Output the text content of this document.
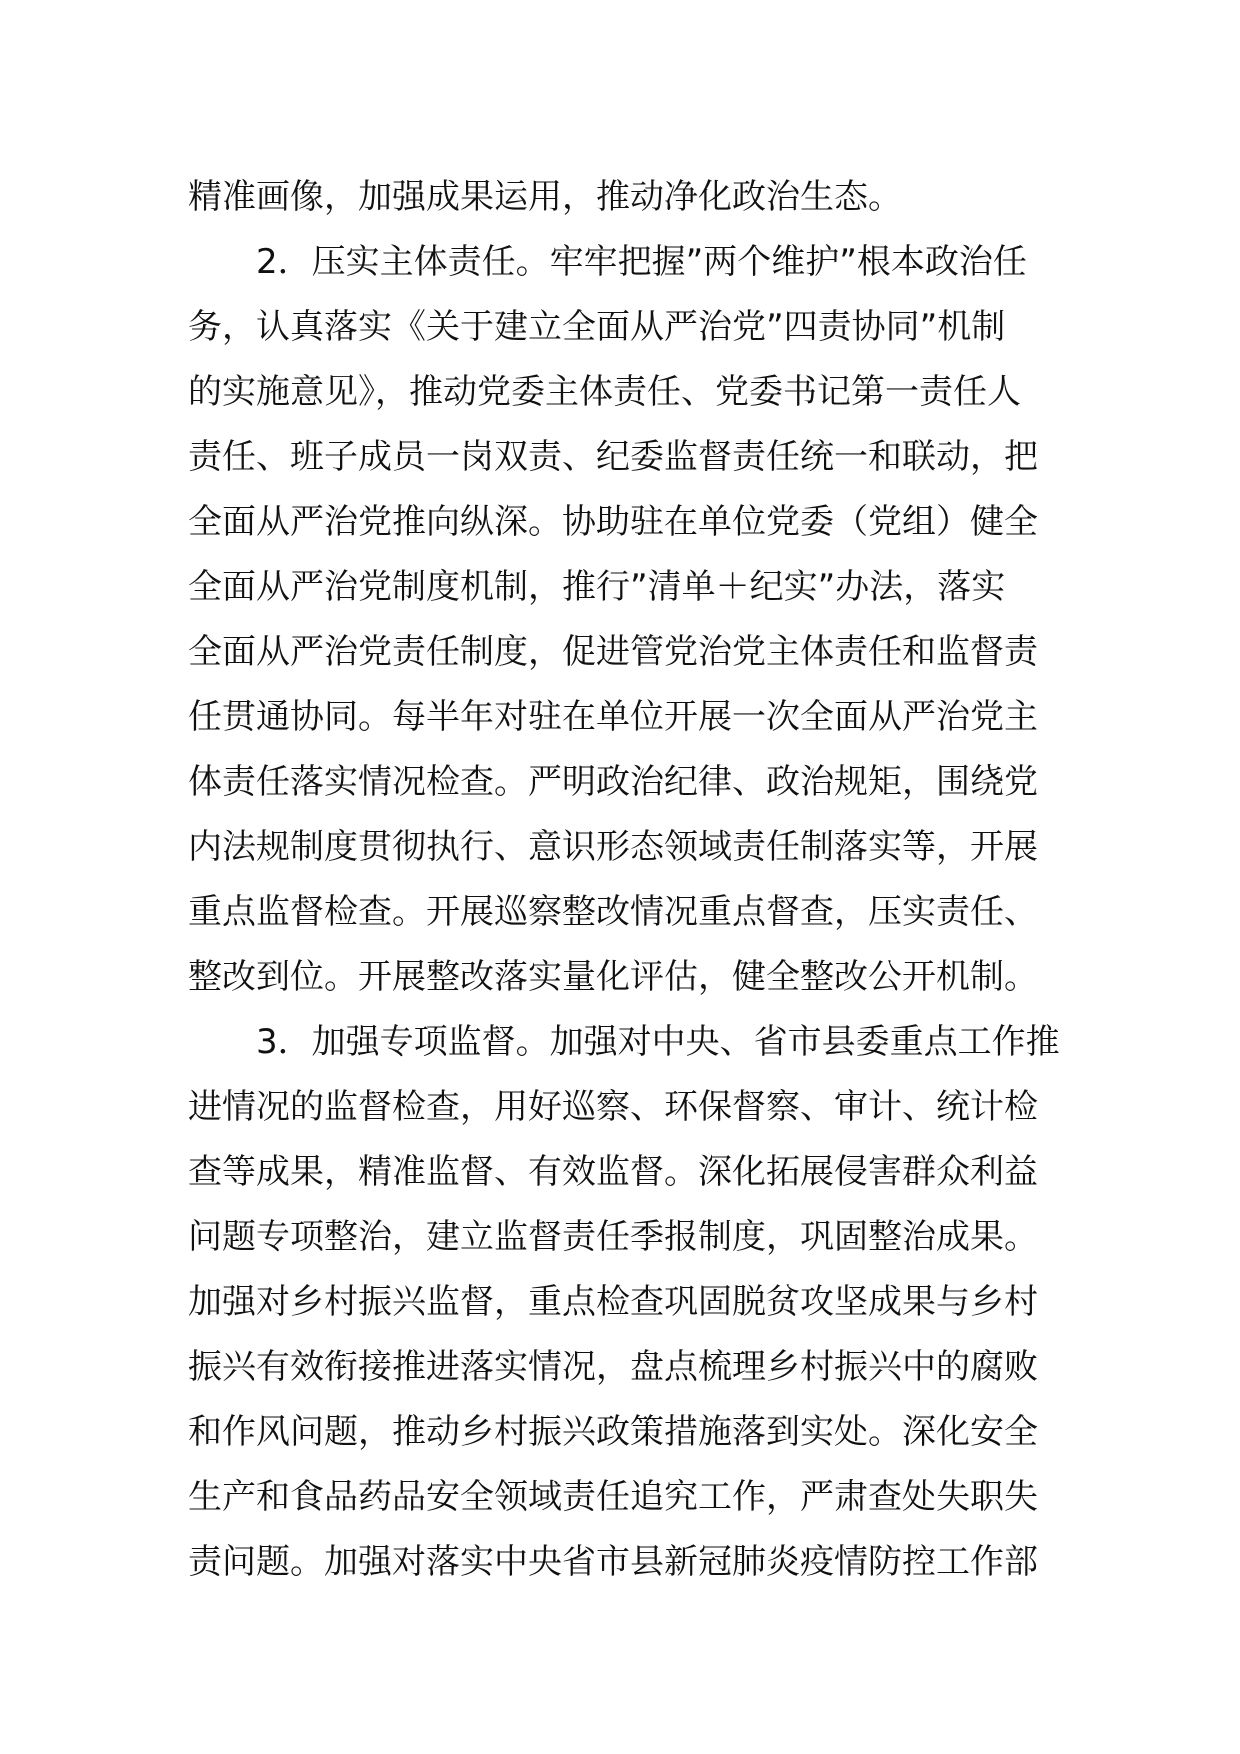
精准画像，加强成果运用，推动净化政治生态。
2．压实主体责任。牢牢把握”两个维护”根本政治任
务，认真落实《关于建立全面从严治党”四责协同”机制
的实施意见》，推动党委主体责任、党委书记第一责任人
责任、班子成员一岗双责、纪委监督责任统一和联动，把
全面从严治党推向纵深。协助驻在单位党委（党组）健全
全面从严治党制度机制，推行”清单＋纪实”办法，落实
全面从严治党责任制度，促进管党治党主体责任和监督责
任贯通协同。每半年对驻在单位开展一次全面从严治党主
体责任落实情况检查。严明政治纪律、政治规矩，围绕党
内法规制度贯彻执行、意识形态领域责任制落实等，开展
重点监督检查。开展巡察整改情况重点督查，压实责任、
整改到位。开展整改落实量化评估，健全整改公开机制。
3．加强专项监督。加强对中央、省市县委重点工作推
进情况的监督检查，用好巡察、环保督察、审计、统计检
查等成果，精准监督、有效监督。深化拓展侵害群众利益
问题专项整治，建立监督责任季报制度，巩固整治成果。
加强对乡村振兴监督，重点检查巩固脱贫攻坚成果与乡村
振兴有效衔接推进落实情况，盘点梳理乡村振兴中的腐败
和作风问题，推动乡村振兴政策措施落到实处。深化安全
生产和食品药品安全领域责任追究工作，严肃查处失职失
责问题。加强对落实中央省市县新冠肺炎疫情防控工作部
